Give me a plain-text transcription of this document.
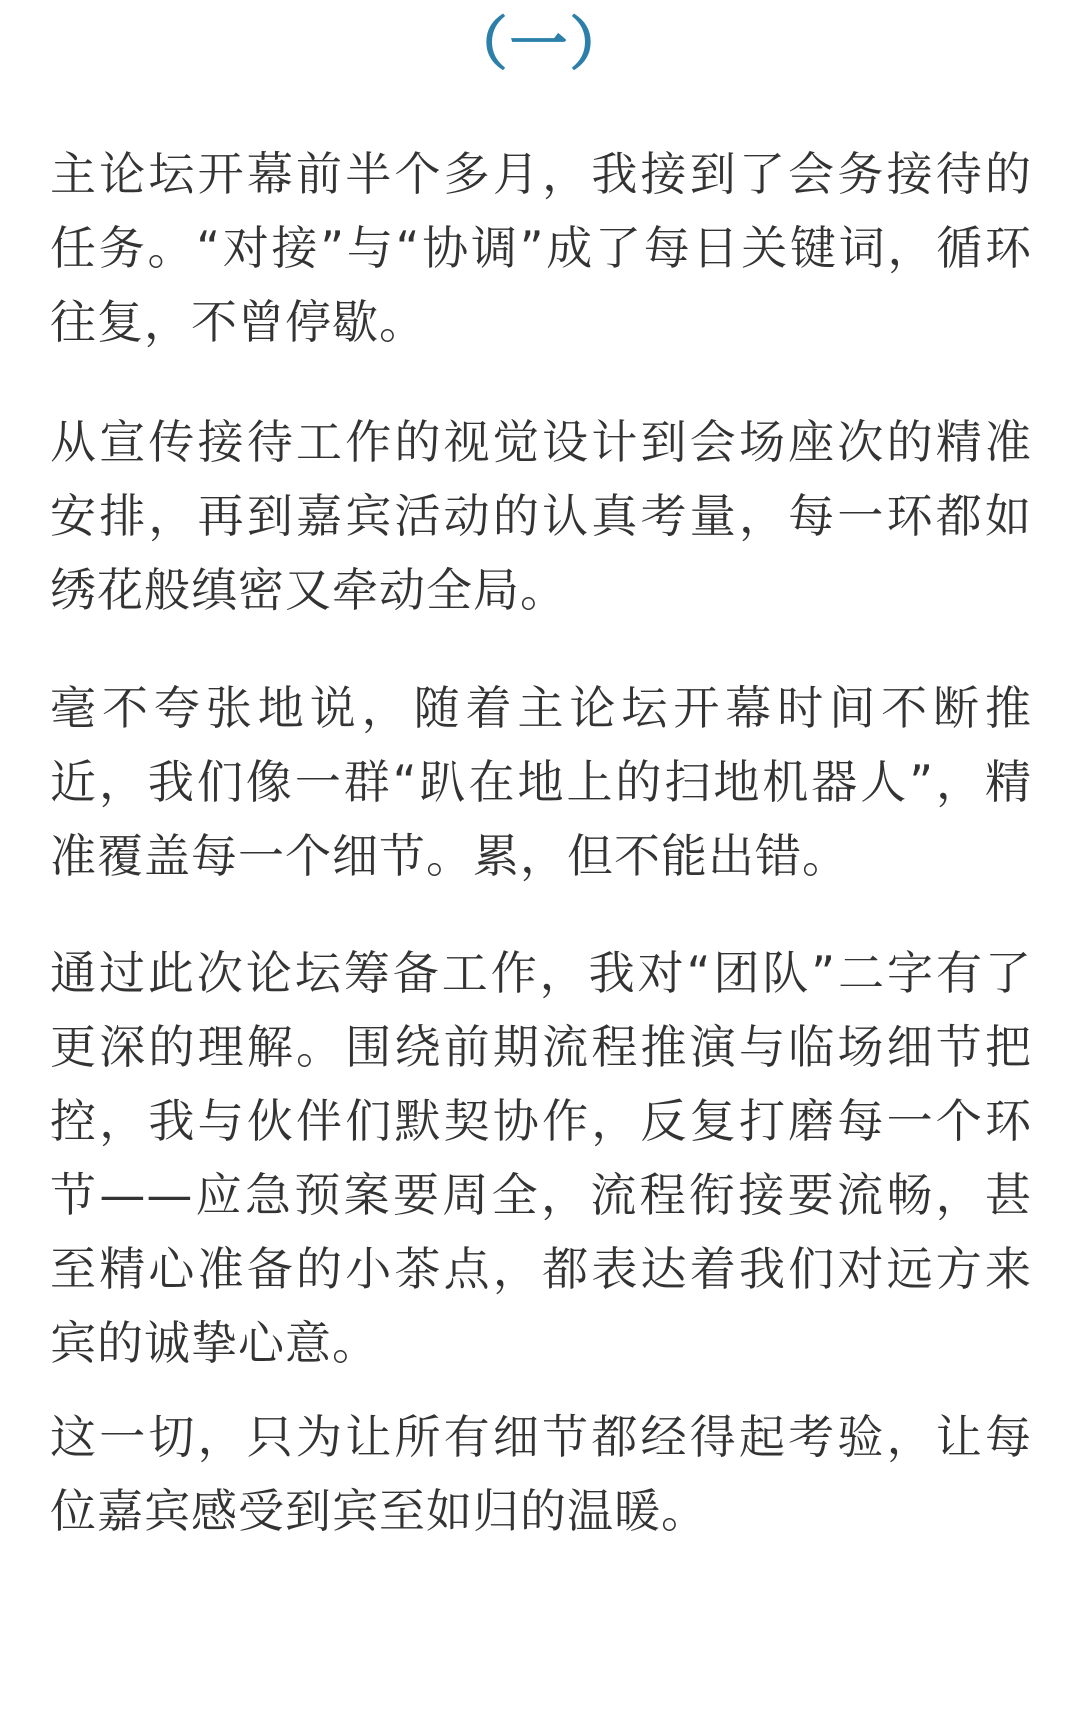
（一）

主论坛开幕前半个多月，我接到了会务接待的任务。“对接”与“协调”成了每日关键词，循环往复，不曾停歇。

从宣传接待工作的视觉设计到会场座次的精准安排，再到嘉宾活动的认真考量，每一环都如绣花般缜密又牵动全局。

毫不夸张地说，随着主论坛开幕时间不断推近，我们像一群“趴在地上的扫地机器人”，精准覆盖每一个细节。累，但不能出错。

通过此次论坛筹备工作，我对“团队”二字有了更深的理解。围绕前期流程推演与临场细节把控，我与伙伴们默契协作，反复打磨每一个环节——应急预案要周全，流程衔接要流畅，甚至精心准备的小茶点，都表达着我们对远方来宾的诚挚心意。

这一切，只为让所有细节都经得起考验，让每位嘉宾感受到宾至如归的温暖。
